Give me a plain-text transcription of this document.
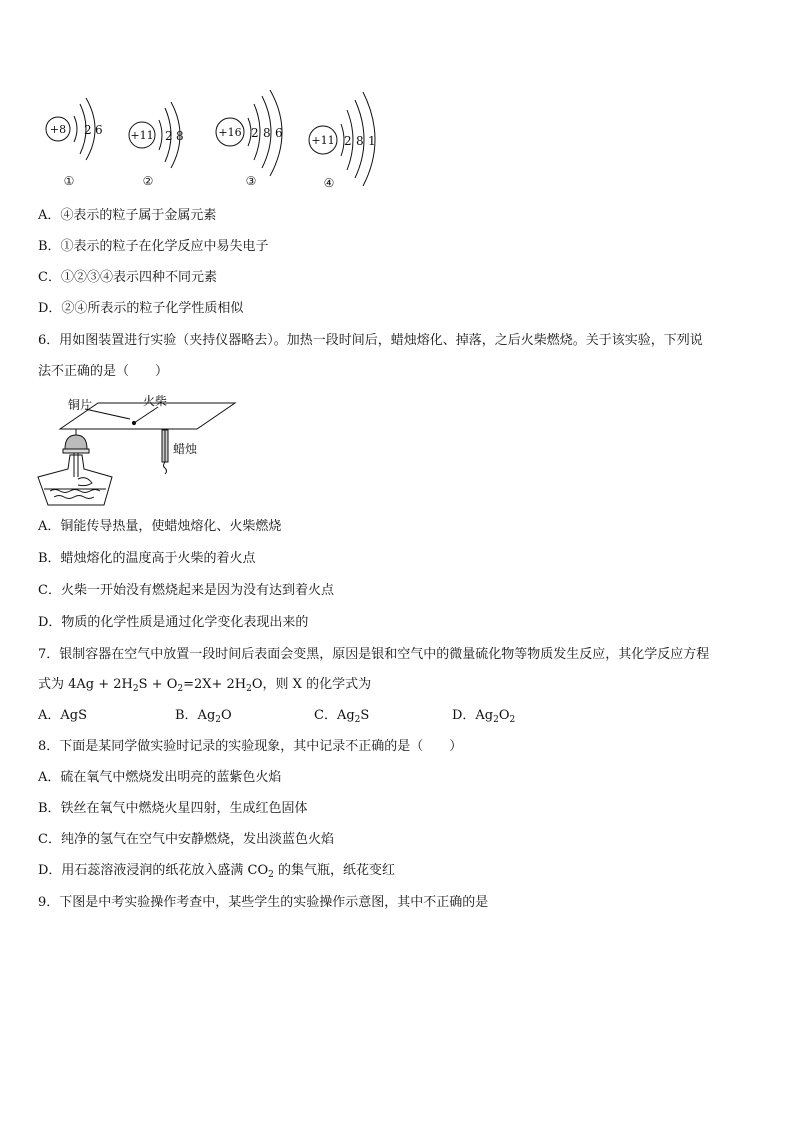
+8 2 6
①
+11 2 8
②
+16 2 8 6
③
+11 2 8 1
④
A．④表示的粒子属于金属元素
B．①表示的粒子在化学反应中易失电子
C．①②③④表示四种不同元素
D．②④所表示的粒子化学性质相似
6．用如图装置进行实验（夹持仪器略去）。加热一段时间后，蜡烛熔化、掉落，之后火柴燃烧。关于该实验，下列说
法不正确的是（　　）
铜片	火柴
蜡烛
A．铜能传导热量，使蜡烛熔化、火柴燃烧
B．蜡烛熔化的温度高于火柴的着火点
C．火柴一开始没有燃烧起来是因为没有达到着火点
D．物质的化学性质是通过化学变化表现出来的
7．银制容器在空气中放置一段时间后表面会变黑，原因是银和空气中的微量硫化物等物质发生反应，其化学反应方程
式为 $4Ag + 2H_2S + O_2=2X+ 2H_2O$，则 X 的化学式为
A．AgS	B．$Ag_2O$	C．$Ag_2S$	D．$Ag_2O_2$
8．下面是某同学做实验时记录的实验现象，其中记录不正确的是（　　）
A．硫在氧气中燃烧发出明亮的蓝紫色火焰
B．铁丝在氧气中燃烧火星四射，生成红色固体
C．纯净的氢气在空气中安静燃烧，发出淡蓝色火焰
D．用石蕊溶液浸润的纸花放入盛满 $CO_2$ 的集气瓶，纸花变红
9．下图是中考实验操作考查中，某些学生的实验操作示意图，其中不正确的是
